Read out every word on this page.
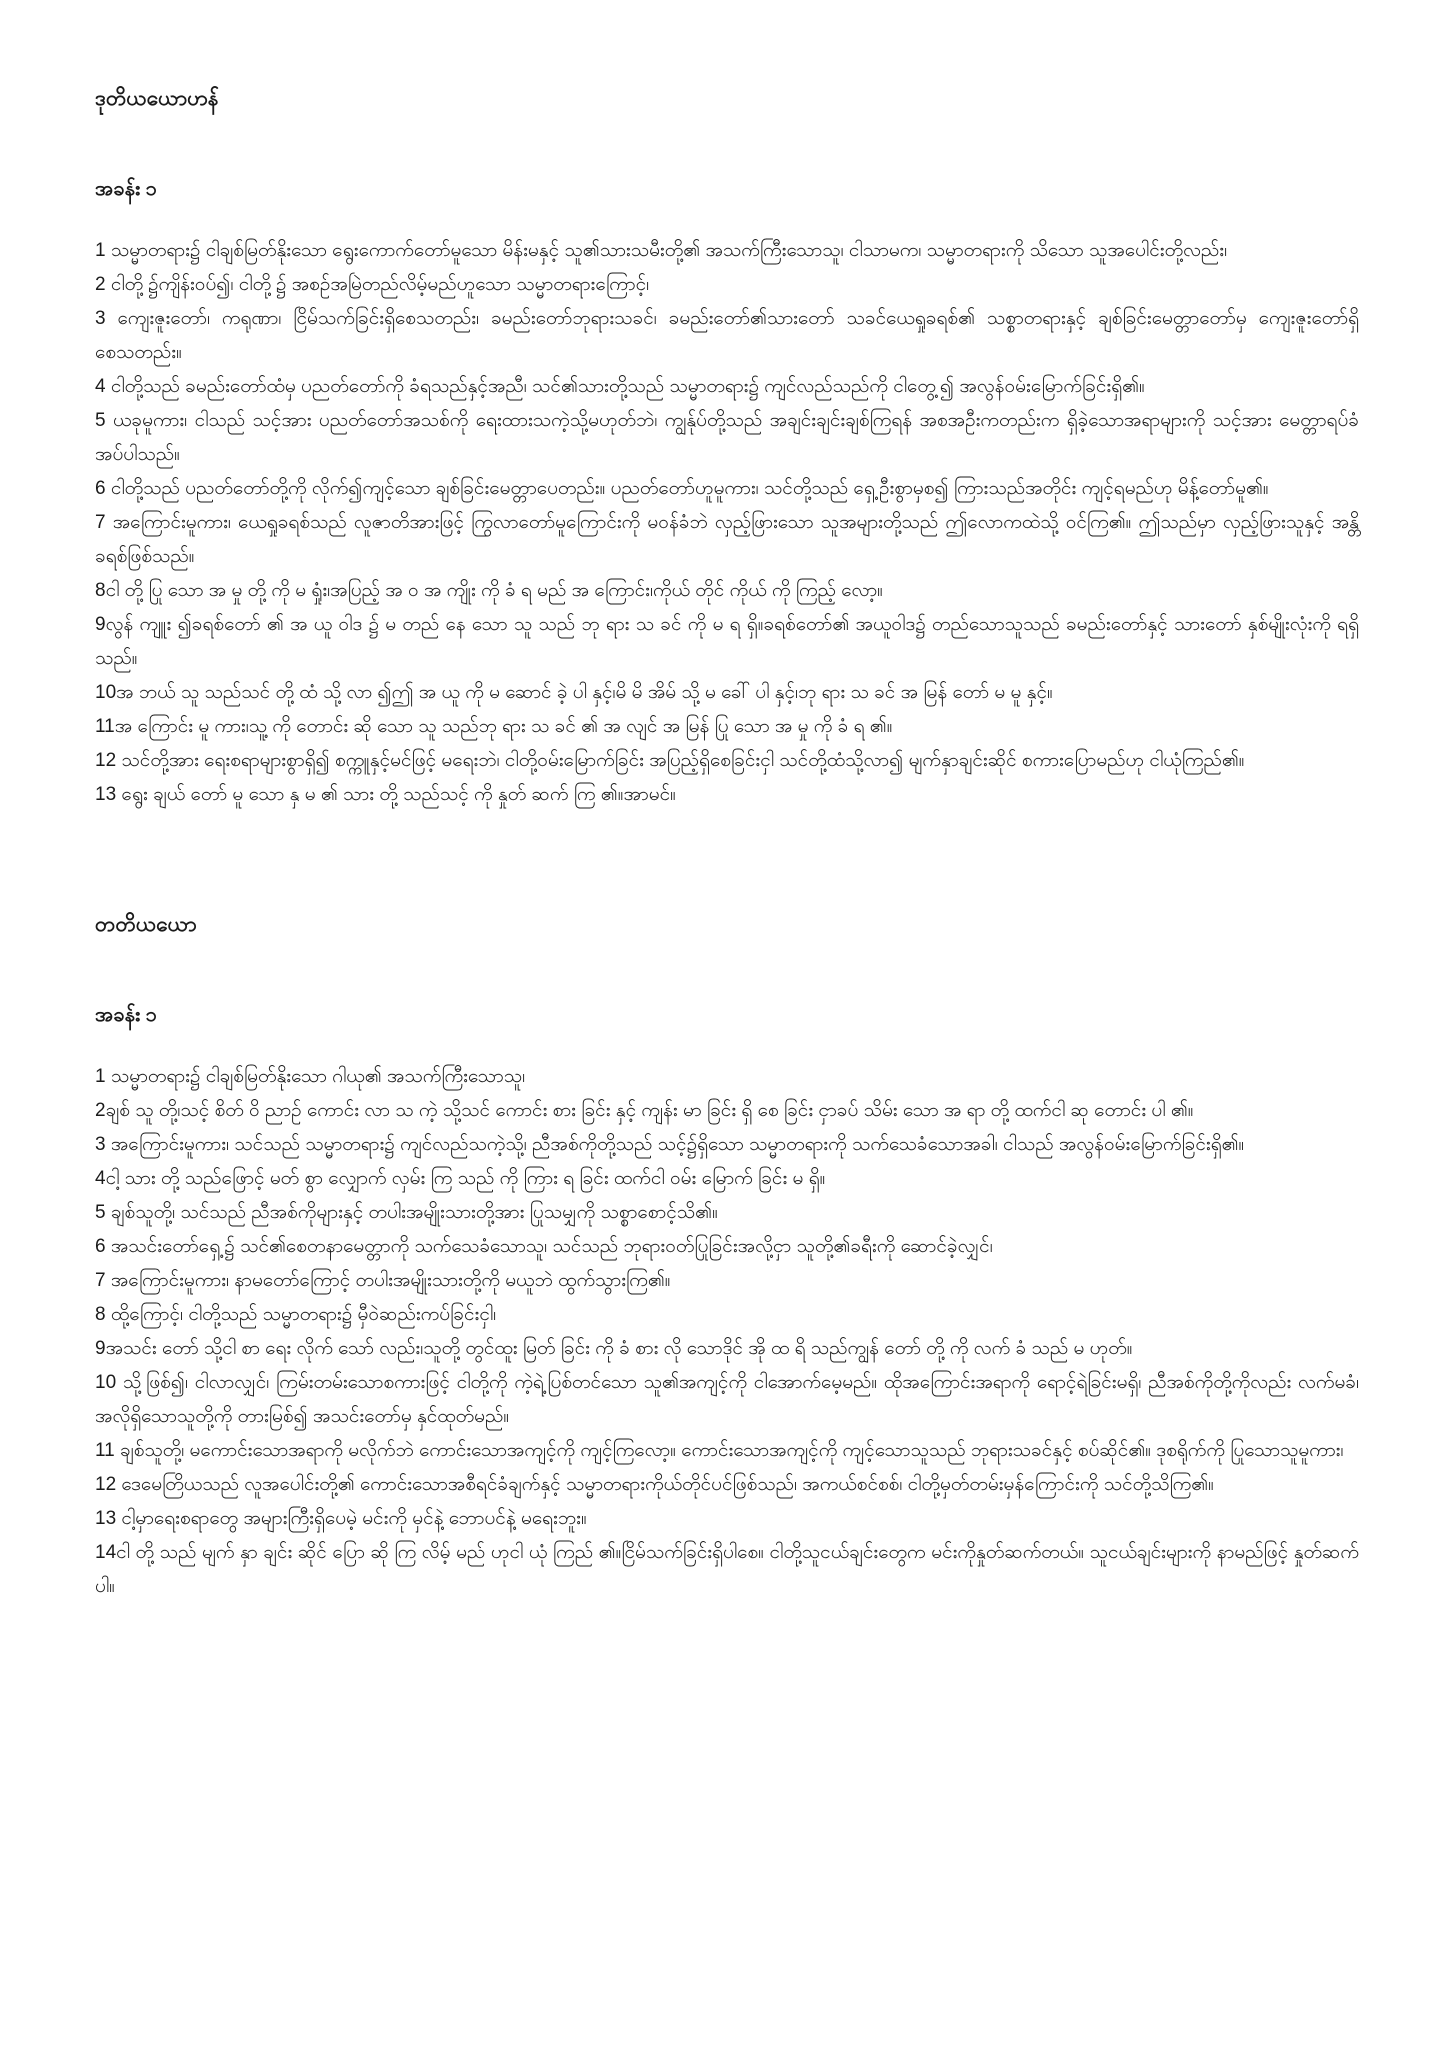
ဒုတိယယောဟန်
အခန်း ၁

1 သမ္မာတရား၌ ငါချစ်မြတ်နိုးသော ရွေးကောက်တော်မူသော မိန်းမနှင့် သူ၏သားသမီးတို့၏ အသက်ကြီးသောသူ၊ ငါသာမက၊ သမ္မာတရားကို သိသော သူအပေါင်းတို့လည်း၊

2 ငါတို့၌ကျိန်းဝပ်၍၊ ငါတို့၌ အစဉ်အမြဲတည်လိမ့်မည်ဟူသော သမ္မာတရားကြောင့်၊

3 ကျေးဇူးတော်၊ ကရုဏာ၊ ငြိမ်သက်ခြင်းရှိစေသတည်း၊ ခမည်းတော်ဘုရားသခင်၊ ခမည်းတော်၏သားတော် သခင်ယေရှုခရစ်၏ သစ္စာတရားနှင့် ချစ်ခြင်းမေတ္တာတော်မှ ကျေးဇူးတော်ရှိစေသတည်း။

4 ငါတို့သည် ခမည်းတော်ထံမှ ပညတ်တော်ကို ခံရသည်နှင့်အညီ၊ သင်၏သားတို့သည် သမ္မာတရား၌ ကျင်လည်သည်ကို ငါတွေ့၍ အလွန်ဝမ်းမြောက်ခြင်းရှိ၏။

5 ယခုမူကား၊ ငါသည် သင့်အား ပညတ်တော်အသစ်ကို ရေးထားသကဲ့သို့မဟုတ်ဘဲ၊ ကျွန်ုပ်တို့သည် အချင်းချင်းချစ်ကြရန် အစအဦးကတည်းက ရှိခဲ့သောအရာများကို သင့်အား မေတ္တာရပ်ခံအပ်ပါသည်။

6 ငါတို့သည် ပညတ်တော်တို့ကို လိုက်၍ကျင့်သော ချစ်ခြင်းမေတ္တာပေတည်း။ ပညတ်တော်ဟူမူကား၊ သင်တို့သည် ရှေ့ဦးစွာမှစ၍ ကြားသည်အတိုင်း ကျင့်ရမည်ဟု မိန့်တော်မူ၏။

7 အကြောင်းမူကား၊ ယေရှုခရစ်သည် လူဇာတိအားဖြင့် ကြွလာတော်မူကြောင်းကို မဝန်ခံဘဲ လှည့်ဖြားသော သူအများတို့သည် ဤလောကထဲသို့ ဝင်ကြ၏။ ဤသည်မှာ လှည့်ဖြားသူနှင့် အန္တိခရစ်ဖြစ်သည်။

8ငါ တို့ ပြု သော အ မှု တို့ ကို မ ရှုံး၊အပြည့် အ ဝ အ ကျိုး ကို ခံ ရ မည် အ ကြောင်း၊ကိုယ် တိုင် ကိုယ် ကို ကြည့် လော့။

9လွန် ကျူး ၍ခရစ်တော် ၏ အ ယူ ဝါဒ ၌ မ တည် နေ သော သူ သည် ဘု ရား သ ခင် ကို မ ရ ရှိ။ခရစ်တော်၏ အယူဝါဒ၌ တည်သောသူသည် ခမည်းတော်နှင့် သားတော် နှစ်မျိုးလုံးကို ရရှိသည်။

10အ ဘယ် သူ သည်သင် တို့ ထံ သို့ လာ ၍ဤ အ ယူ ကို မ ဆောင် ခဲ့ ပါ နှင့်၊မိ မိ အိမ် သို့ မ ခေါ် ပါ နှင့်၊ဘု ရား သ ခင် အ မြန် တော် မ မူ နှင့်။

11အ ကြောင်း မူ ကား၊သူ့ ကို တောင်း ဆို သော သူ သည်ဘု ရား သ ခင် ၏ အ လျင် အ မြန် ပြု သော အ မှု ကို ခံ ရ ၏။

12 သင်တို့အား ရေးစရာများစွာရှိ၍ စက္ကူနှင့်မင်ဖြင့် မရေးဘဲ၊ ငါတို့ဝမ်းမြောက်ခြင်း အပြည့်ရှိစေခြင်းငှါ သင်တို့ထံသို့လာ၍ မျက်နှာချင်းဆိုင် စကားပြောမည်ဟု ငါယုံကြည်၏။

13 ရွေး ချယ် တော် မူ သော နှ မ ၏ သား တို့ သည်သင့် ကို နှုတ် ဆက် ကြ ၏။အာမင်။

တတိယယော
အခန်း ၁

1 သမ္မာတရား၌ ငါချစ်မြတ်နိုးသော ဂါယု၏ အသက်ကြီးသောသူ၊

2ချစ် သူ တို့၊သင့် စိတ် ဝိ ညာဉ် ကောင်း လာ သ ကဲ့ သို့သင် ကောင်း စား ခြင်း နှင့် ကျန်း မာ ခြင်း ရှိ စေ ခြင်း ငှာခပ် သိမ်း သော အ ရာ တို့ ထက်ငါ ဆု တောင်း ပါ ၏။

3 အကြောင်းမူကား၊ သင်သည် သမ္မာတရား၌ ကျင်လည်သကဲ့သို့၊ ညီအစ်ကိုတို့သည် သင့်၌ရှိသော သမ္မာတရားကို သက်သေခံသောအခါ၊ ငါသည် အလွန်ဝမ်းမြောက်ခြင်းရှိ၏။

4ငါ့ သား တို့ သည်ဖြောင့် မတ် စွာ လျှောက် လှမ်း ကြ သည် ကို ကြား ရ ခြင်း ထက်ငါ ဝမ်း မြောက် ခြင်း မ ရှိ။

5 ချစ်သူတို့၊ သင်သည် ညီအစ်ကိုများနှင့် တပါးအမျိုးသားတို့အား ပြုသမျှကို သစ္စာစောင့်သိ၏။

6 အသင်းတော်ရှေ့၌ သင်၏စေတနာမေတ္တာကို သက်သေခံသောသူ၊ သင်သည် ဘုရားဝတ်ပြုခြင်းအလို့ငှာ သူတို့၏ခရီးကို ဆောင်ခဲ့လျှင်၊

7 အကြောင်းမူကား၊ နာမတော်ကြောင့် တပါးအမျိုးသားတို့ကို မယူဘဲ ထွက်သွားကြ၏။

8 ထို့ကြောင့်၊ ငါတို့သည် သမ္မာတရား၌ မှီဝဲဆည်းကပ်ခြင်းငှါ၊

9အသင်း တော် သို့ငါ စာ ရေး လိုက် သော် လည်း၊သူတို့ တွင်ထူး မြတ် ခြင်း ကို ခံ စား လို သောဒိုင် အို ထ ရိ သည်ကျွန် တော် တို့ ကို လက် ခံ သည် မ ဟုတ်။

10 သို့ဖြစ်၍၊ ငါလာလျှင်၊ ကြမ်းတမ်းသောစကားဖြင့် ငါတို့ကို ကဲ့ရဲ့ပြစ်တင်သော သူ၏အကျင့်ကို ငါအောက်မေ့မည်။ ထိုအကြောင်းအရာကို ရောင့်ရဲခြင်းမရှိ၊ ညီအစ်ကိုတို့ကိုလည်း လက်မခံ၊ အလိုရှိသောသူတို့ကို တားမြစ်၍ အသင်းတော်မှ နှင်ထုတ်မည်။

11 ချစ်သူတို့၊ မကောင်းသောအရာကို မလိုက်ဘဲ ကောင်းသောအကျင့်ကို ကျင့်ကြလော့။ ကောင်းသောအကျင့်ကို ကျင့်သောသူသည် ဘုရားသခင်နှင့် စပ်ဆိုင်၏။ ဒုစရိုက်ကို ပြုသောသူမူကား၊

12 ဒေမေတြိယသည် လူအပေါင်းတို့၏ ကောင်းသောအစီရင်ခံချက်နှင့် သမ္မာတရားကိုယ်တိုင်ပင်ဖြစ်သည်၊ အကယ်စင်စစ်၊ ငါတို့မှတ်တမ်းမှန်ကြောင်းကို သင်တို့သိကြ၏။

13 ငါ့မှာရေးစရာတွေ အများကြီးရှိပေမဲ့ မင်းကို မှင်နဲ့ ဘောပင်နဲ့ မရေးဘူး။

14ငါ တို့ သည် မျက် နှာ ချင်း ဆိုင် ပြော ဆို ကြ လိမ့် မည် ဟုငါ ယုံ ကြည် ၏။ငြိမ်သက်ခြင်းရှိပါစေ။ ငါတို့သူငယ်ချင်းတွေက မင်းကိုနှုတ်ဆက်တယ်။ သူငယ်ချင်းများကို နာမည်ဖြင့် နှုတ်ဆက်ပါ။
